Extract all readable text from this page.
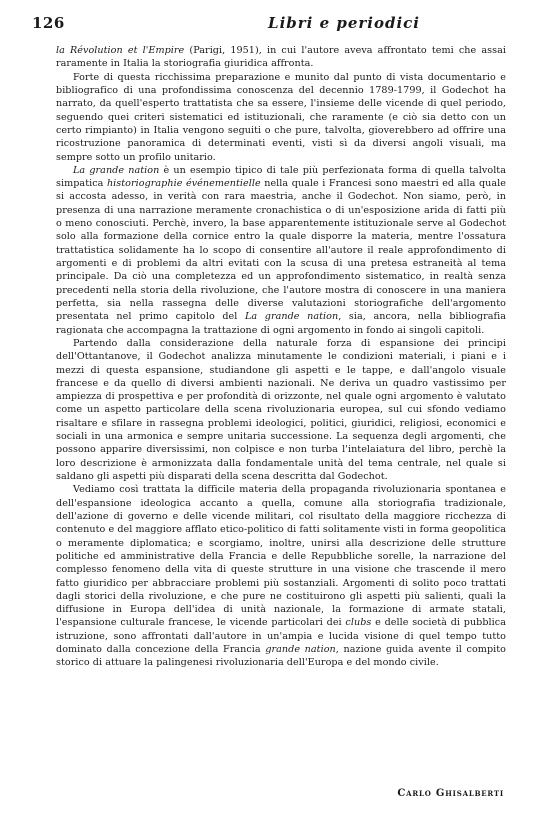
126	Libri e periodici

la Révolution et l'Empire (Parigi, 1951), in cui l'autore aveva affrontato temi che assai raramente in Italia la storiografia giuridica affronta.

Forte di questa ricchissima preparazione e munito dal punto di vista documentario e bibliografico di una profondissima conoscenza del decennio 1789-1799, il Godechot ha narrato, da quell'esperto trattatista che sa essere, l'insieme delle vicende di quel periodo, seguendo quei criteri sistematici ed istituzionali, che raramente (e ciò sia detto con un certo rimpianto) in Italia vengono seguiti o che pure, talvolta, gioverebbero ad offrire una ricostruzione panoramica di determinati eventi, visti sì da diversi angoli visuali, ma sempre sotto un profilo unitario.

La grande nation è un esempio tipico di tale più perfezionata forma di quella talvolta simpatica historiographie événementielle nella quale i Francesi sono maestri ed alla quale si accosta adesso, in verità con rara maestria, anche il Godechot. Non siamo, però, in presenza di una narrazione meramente cronachistica o di un'esposizione arida di fatti più o meno conosciuti. Perchè, invero, la base apparentemente istituzionale serve al Godechot solo alla formazione della cornice entro la quale disporre la materia, mentre l'ossatura trattatistica solidamente ha lo scopo di consentire all'autore il reale approfondimento di argomenti e di problemi da altri evitati con la scusa di una pretesa estraneità al tema principale. Da ciò una completezza ed un approfondimento sistematico, in realtà senza precedenti nella storia della rivoluzione, che l'autore mostra di conoscere in una maniera perfetta, sia nella rassegna delle diverse valutazioni storiografiche dell'argomento presentata nel primo capitolo del La grande nation, sia, ancora, nella bibliografia ragionata che accompagna la trattazione di ogni argomento in fondo ai singoli capitoli.

Partendo dalla considerazione della naturale forza di espansione dei principi dell'Ottantanove, il Godechot analizza minutamente le condizioni materiali, i piani e i mezzi di questa espansione, studiandone gli aspetti e le tappe, e dall'angolo visuale francese e da quello di diversi ambienti nazionali. Ne deriva un quadro vastissimo per ampiezza di prospettiva e per profondità di orizzonte, nel quale ogni argomento è valutato come un aspetto particolare della scena rivoluzionaria europea, sul cui sfondo vediamo risaltare e sfilare in rassegna problemi ideologici, politici, giuridici, religiosi, economici e sociali in una armonica e sempre unitaria successione. La sequenza degli argomenti, che possono apparire diversissimi, non colpisce e non turba l'intelaiatura del libro, perchè la loro descrizione è armonizzata dalla fondamentale unità del tema centrale, nel quale si saldano gli aspetti più disparati della scena descritta dal Godechot.

Vediamo così trattata la difficile materia della propaganda rivoluzionaria spontanea e dell'espansione ideologica accanto a quella, comune alla storiografia tradizionale, dell'azione di governo e delle vicende militari, col risultato della maggiore ricchezza di contenuto e del maggiore afflato etico-politico di fatti solitamente visti in forma geopolitica o meramente diplomatica; e scorgiamo, inoltre, unirsi alla descrizione delle strutture politiche ed amministrative della Francia e delle Repubbliche sorelle, la narrazione del complesso fenomeno della vita di queste strutture in una visione che trascende il mero fatto giuridico per abbracciare problemi più sostanziali. Argomenti di solito poco trattati dagli storici della rivoluzione, e che pure ne costituirono gli aspetti più salienti, quali la diffusione in Europa dell'idea di unità nazionale, la formazione di armate statali, l'espansione culturale francese, le vicende particolari dei clubs e delle società di pubblica istruzione, sono affrontati dall'autore in un'ampia e lucida visione di quel tempo tutto dominato dalla concezione della Francia grande nation, nazione guida avente il compito storico di attuare la palingenesi rivoluzionaria dell'Europa e del mondo civile.

Carlo Ghisalberti
